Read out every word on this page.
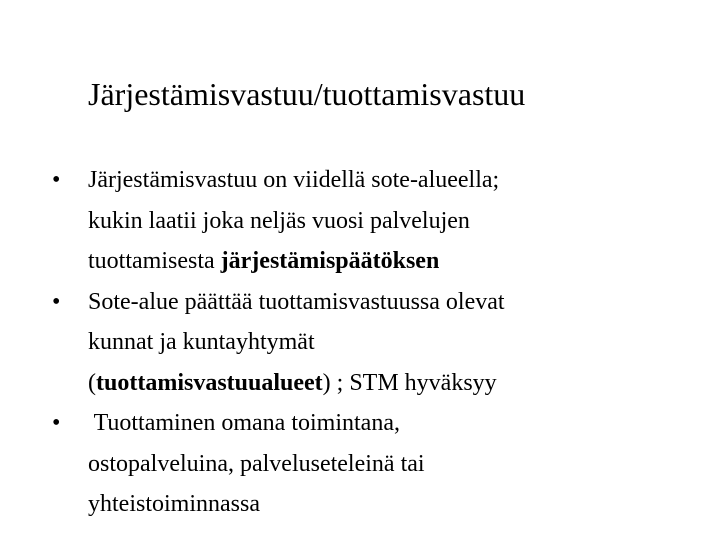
Järjestämisvastuu/tuottamisvastuu
•	Järjestämisvastuu on viidellä sote-alueella;
kukin laatii joka neljäs vuosi palvelujen
tuottamisesta järjestämispäätöksen
•	Sote-alue päättää tuottamisvastuussa olevat
kunnat ja kuntayhtymät
(tuottamisvastuualueet) ; STM hyväksyy
•	Tuottaminen omana toimintana,
ostopalveluina, palveluseteleinä tai
yhteistoiminnassa
